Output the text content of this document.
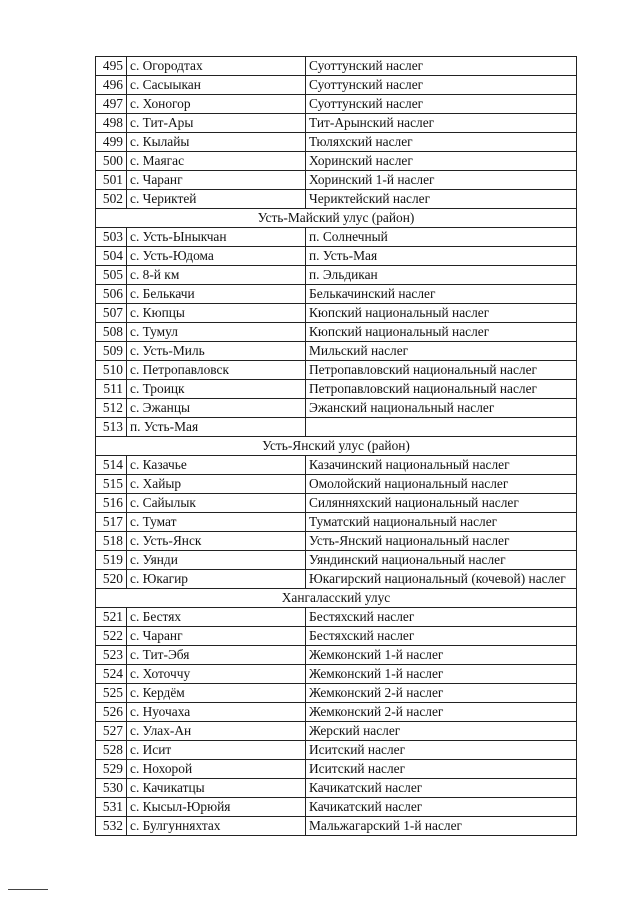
495	с. Огородтах	Суоттунский наслег
496	с. Сасыыкан	Суоттунский наслег
497	с. Хоногор	Суоттунский наслег
498	с. Тит-Ары	Тит-Арынский наслег
499	с. Кылайы	Тюляхский наслег
500	с. Маягас	Хоринский наслег
501	с. Чаранг	Хоринский 1-й наслег
502	с. Чериктей	Чериктейский наслег
Усть-Майский улус (район)		
503	с. Усть-Ыныкчан	п. Солнечный
504	с. Усть-Юдома	п. Усть-Мая
505	с. 8-й км	п. Эльдикан
506	с. Белькачи	Белькачинский наслег
507	с. Кюпцы	Кюпский национальный наслег
508	с. Тумул	Кюпский национальный наслег
509	с. Усть-Миль	Мильский наслег
510	с. Петропавловск	Петропавловский национальный наслег
511	с. Троицк	Петропавловский национальный наслег
512	с. Эжанцы	Эжанский национальный наслег
513	п. Усть-Мая	
Усть-Янский улус (район)		
514	с. Казачье	Казачинский национальный наслег
515	с. Хайыр	Омолойский национальный наслег
516	с. Сайылык	Силянняхский национальный наслег
517	с. Тумат	Туматский национальный наслег
518	с. Усть-Янск	Усть-Янский национальный наслег
519	с. Уянди	Уяндинский национальный наслег
520	с. Юкагир	Юкагирский национальный (кочевой) наслег
Хангаласский улус		
521	с. Бестях	Бестяхский наслег
522	с. Чаранг	Бестяхский наслег
523	с. Тит-Эбя	Жемконский 1-й наслег
524	с. Хоточчу	Жемконский 1-й наслег
525	с. Кердём	Жемконский 2-й наслег
526	с. Нуочаха	Жемконский 2-й наслег
527	с. Улах-Ан	Жерский наслег
528	с. Исит	Иситский наслег
529	с. Нохорой	Иситский наслег
530	с. Качикатцы	Качикатский наслег
531	с. Кысыл-Юрюйя	Качикатский наслег
532	с. Булгунняхтах	Мальжагарский 1-й наслег
